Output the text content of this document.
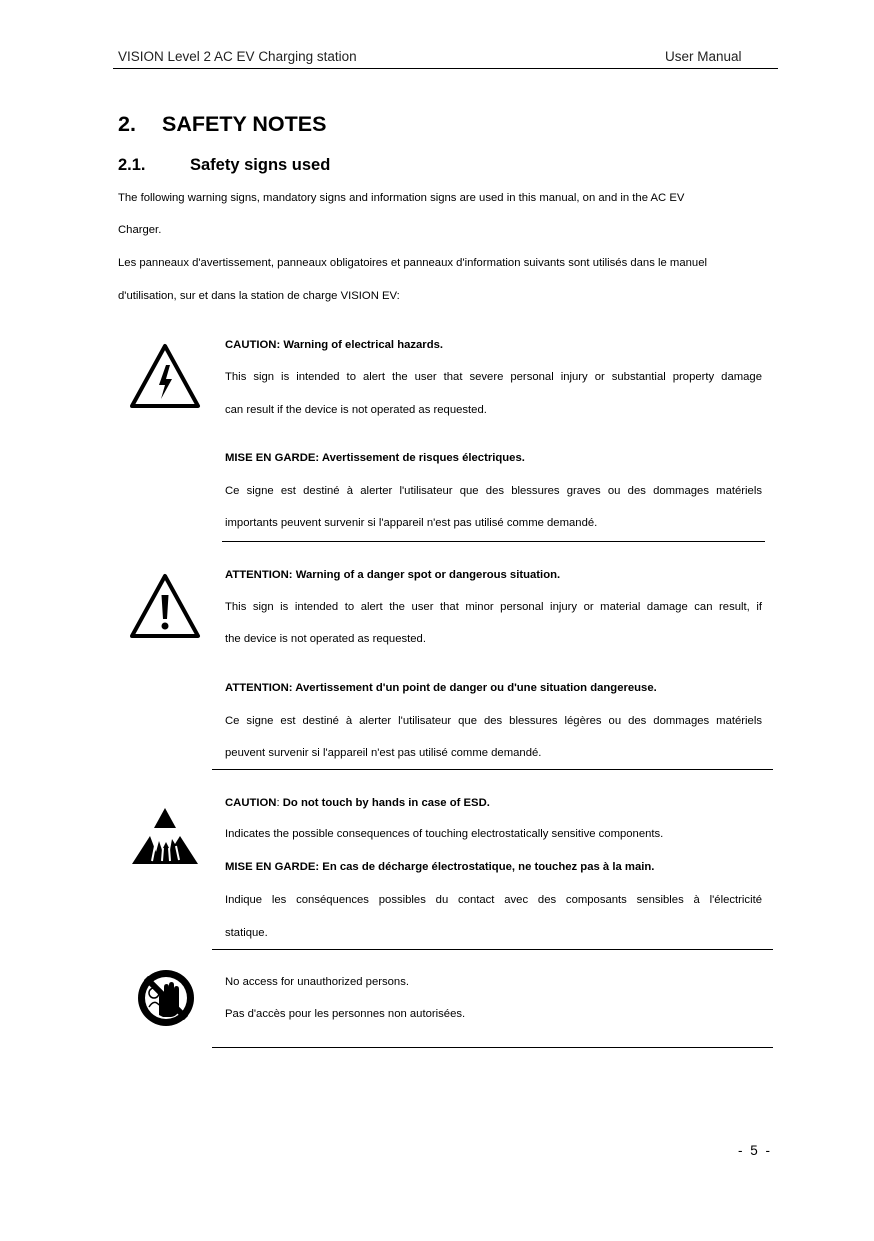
VISION Level 2 AC EV Charging station	User Manual
2. SAFETY NOTES
2.1.	Safety signs used
The following warning signs, mandatory signs and information signs are used in this manual, on and in the AC EV
Charger.
Les panneaux d'avertissement, panneaux obligatoires et panneaux d'information suivants sont utilisés dans le manuel
d'utilisation, sur et dans la station de charge VISION EV:
CAUTION: Warning of electrical hazards.
This sign is intended to alert the user that severe personal injury or substantial property damage
can result if the device is not operated as requested.
MISE EN GARDE: Avertissement de risques électriques.
Ce signe est destiné à alerter l'utilisateur que des blessures graves ou des dommages matériels
importants peuvent survenir si l'appareil n'est pas utilisé comme demandé.
ATTENTION: Warning of a danger spot or dangerous situation.
This sign is intended to alert the user that minor personal injury or material damage can result, if
the device is not operated as requested.
ATTENTION: Avertissement d'un point de danger ou d'une situation dangereuse.
Ce signe est destiné à alerter l'utilisateur que des blessures légères ou des dommages matériels
peuvent survenir si l'appareil n'est pas utilisé comme demandé.
CAUTION: Do not touch by hands in case of ESD.
Indicates the possible consequences of touching electrostatically sensitive components.
MISE EN GARDE: En cas de décharge électrostatique, ne touchez pas à la main.
Indique les conséquences possibles du contact avec des composants sensibles à l'électricité
statique.
No access for unauthorized persons.
Pas d'accès pour les personnes non autorisées.
- 5 -
